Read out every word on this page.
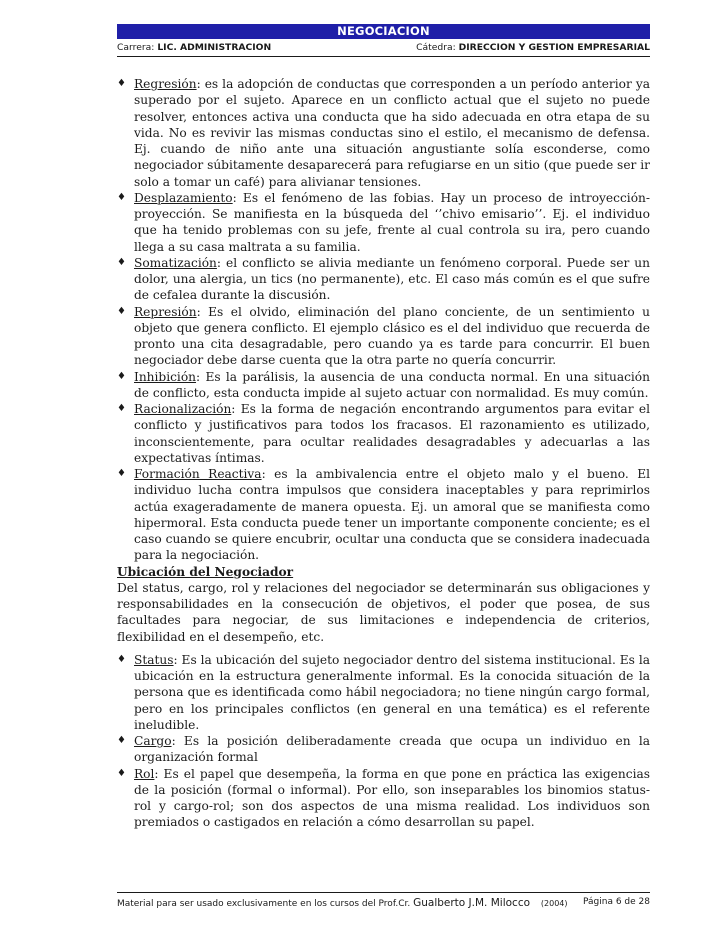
NEGOCIACION
Carrera: LIC. ADMINISTRACION	Cátedra: DIRECCION Y GESTION EMPRESARIAL

♦ Regresión: es la adopción de conductas que corresponden a un período anterior ya superado por el sujeto. Aparece en un conflicto actual que el sujeto no puede resolver, entonces activa una conducta que ha sido adecuada en otra etapa de su vida. No es revivir las mismas conductas sino el estilo, el mecanismo de defensa. Ej. cuando de niño ante una situación angustiante solía esconderse, como negociador súbitamente desaparecerá para refugiarse en un sitio (que puede ser ir solo a tomar un café) para alivianar tensiones.

♦ Desplazamiento: Es el fenómeno de las fobias. Hay un proceso de introyección-proyección. Se manifiesta en la búsqueda del ‘’chivo emisario’’. Ej. el individuo que ha tenido problemas con su jefe, frente al cual controla su ira, pero cuando llega a su casa maltrata a su familia.

♦ Somatización: el conflicto se alivia mediante un fenómeno corporal. Puede ser un dolor, una alergia, un tics (no permanente), etc. El caso más común es el que sufre de cefalea durante la discusión.

♦ Represión: Es el olvido, eliminación del plano conciente, de un sentimiento u objeto que genera conflicto. El ejemplo clásico es el del individuo que recuerda de pronto una cita desagradable, pero cuando ya es tarde para concurrir. El buen negociador debe darse cuenta que la otra parte no quería concurrir.

♦ Inhibición: Es la parálisis, la ausencia de una conducta normal. En una situación de conflicto, esta conducta impide al sujeto actuar con normalidad. Es muy común.

♦ Racionalización: Es la forma de negación encontrando argumentos para evitar el conflicto y justificativos para todos los fracasos. El razonamiento es utilizado, inconscientemente, para ocultar realidades desagradables y adecuarlas a las expectativas íntimas.

♦ Formación Reactiva: es la ambivalencia entre el objeto malo y el bueno. El individuo lucha contra impulsos que considera inaceptables y para reprimirlos actúa exageradamente de manera opuesta. Ej. un amoral que se manifiesta como hipermoral. Esta conducta puede tener un importante componente conciente; es el caso cuando se quiere encubrir, ocultar una conducta que se considera inadecuada para la negociación.

Ubicación del Negociador

Del status, cargo, rol y relaciones del negociador se determinarán sus obligaciones y responsabilidades en la consecución de objetivos, el poder que posea, de sus facultades para negociar, de sus limitaciones e independencia de criterios, flexibilidad en el desempeño, etc.

♦ Status: Es la ubicación del sujeto negociador dentro del sistema institucional. Es la ubicación en la estructura generalmente informal. Es la conocida situación de la persona que es identificada como hábil negociadora; no tiene ningún cargo formal, pero en los principales conflictos (en general en una temática) es el referente ineludible.

♦ Cargo: Es la posición deliberadamente creada que ocupa un individuo en la organización formal

♦ Rol: Es el papel que desempeña, la forma en que pone en práctica las exigencias de la posición (formal o informal). Por ello, son inseparables los binomios status-rol y cargo-rol; son dos aspectos de una misma realidad. Los individuos son premiados o castigados en relación a cómo desarrollan su papel.

Material para ser usado exclusivamente en los cursos del Prof.Cr. Gualberto J.M. Milocco (2004) Página 6 de 28
